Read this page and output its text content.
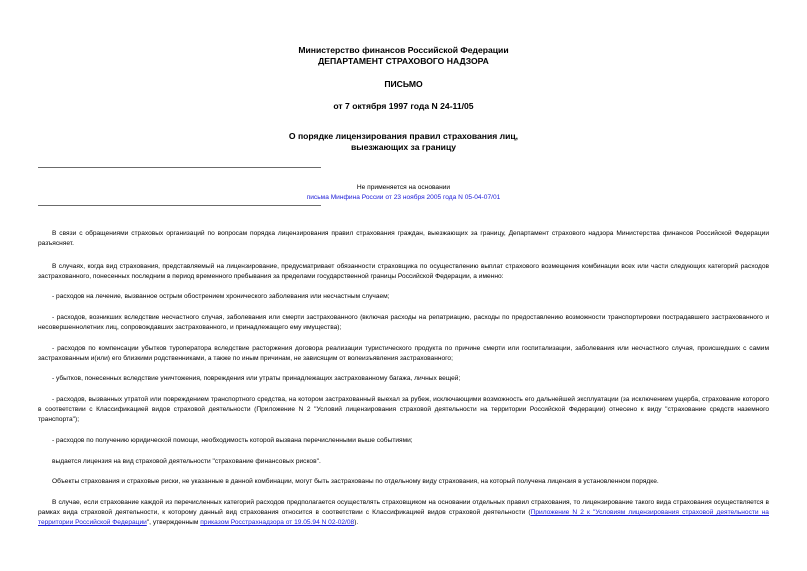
Министерство финансов Российской Федерации
ДЕПАРТАМЕНТ СТРАХОВОГО НАДЗОРА
ПИСЬМО
от 7 октября 1997 года N 24-11/05
О порядке лицензирования правил страхования лиц,
выезжающих за границу
Не применяется на основании
письма Минфина России от 23 ноября 2005 года N 05-04-07/01

В связи с обращениями страховых организаций по вопросам порядка лицензирования правил страхования граждан, выезжающих за границу, Департамент страхового надзора Министерства финансов Российской Федерации разъясняет.

В случаях, когда вид страхования, представляемый на лицензирование, предусматривает обязанности страховщика по осуществлению выплат страхового возмещения комбинации всех или части следующих категорий расходов застрахованного, понесенных последним в период временного пребывания за пределами государственной границы Российской Федерации, а именно:

- расходов на лечение, вызванное острым обострением хронического заболевания или несчастным случаем;

- расходов, возникших вследствие несчастного случая, заболевания или смерти застрахованного (включая расходы на репатриацию, расходы по предоставлению возможности транспортировки пострадавшего застрахованного и несовершеннолетних лиц, сопровождавших застрахованного, и принадлежащего ему имущества);

- расходов по компенсации убытков туроператора вследствие расторжения договора реализации туристического продукта по причине смерти или госпитализации, заболевания или несчастного случая, происшедших с самим застрахованным и(или) его близкими родственниками, а также по иным причинам, не зависящим от волеизъявления застрахованного;

- убытков, понесенных вследствие уничтожения, повреждения или утраты принадлежащих застрахованному багажа, личных вещей;

- расходов, вызванных утратой или повреждением транспортного средства, на котором застрахованный выехал за рубеж, исключающими возможность его дальнейшей эксплуатации (за исключением ущерба, страхование которого в соответствии с Классификацией видов страховой деятельности (Приложение N 2 "Условий лицензирования страховой деятельности на территории Российской Федерации) отнесено к виду "страхование средств наземного транспорта");

- расходов по получению юридической помощи, необходимость которой вызвана перечисленными выше событиями;

выдается лицензия на вид страховой деятельности "страхование финансовых рисков".

Объекты страхования и страховые риски, не указанные в данной комбинации, могут быть застрахованы по отдельному виду страхования, на который получена лицензия в установленном порядке.

В случае, если страхование каждой из перечисленных категорий расходов предполагается осуществлять страховщиком на основании отдельных правил страхования, то лицензирование такого вида страхования осуществляется в рамках вида страховой деятельности, к которому данный вид страхования относится в соответствии с Классификацией видов страховой деятельности (Приложение N 2 к "Условиям лицензирования страховой деятельности на территории Российской Федерации", утвержденным приказом Росстрахнадзора от 19.05.94 N 02-02/08).
